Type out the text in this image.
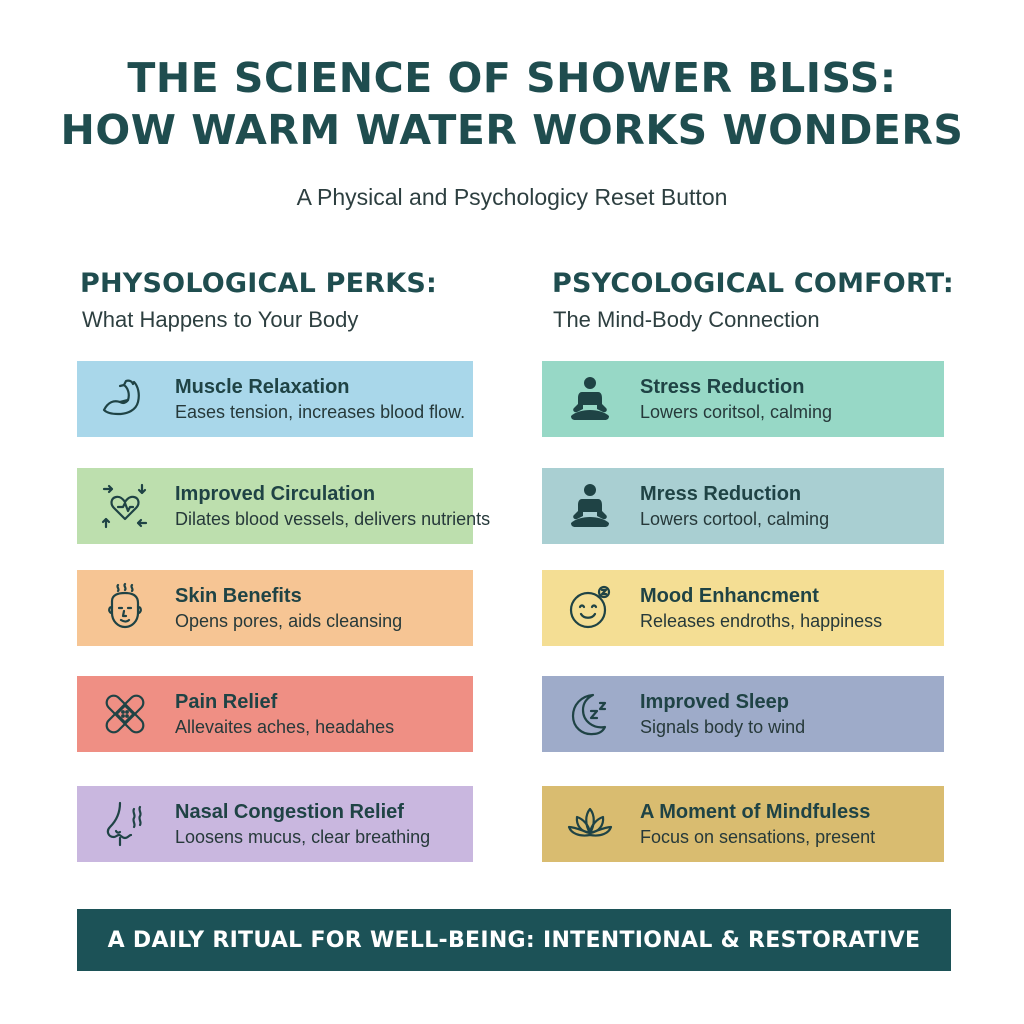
THE SCIENCE OF SHOWER BLISS:
HOW WARM WATER WORKS WONDERS
A Physical and Psychologicy Reset Button
PHYSOLOGICAL PERKS:
What Happens to Your Body
Muscle Relaxation
Eases tension, increases blood flow.
Improved Circulation
Dilates blood vessels, delivers nutrients
Skin Benefits
Opens pores, aids cleansing
Pain Relief
Allevaites aches, headahes
Nasal Congestion Relief
Loosens mucus, clear breathing
PSYCOLOGICAL COMFORT:
The Mind-Body Connection
Stress Reduction
Lowers coritsol, calming
Mress Reduction
Lowers cortool, calming
Mood Enhancment
Releases endroths, happiness
Improved Sleep
Signals body to wind
A Moment of Mindfuless
Focus on sensations, present
A DAILY RITUAL FOR WELL-BEING: INTENTIONAL & RESTORATIVE
